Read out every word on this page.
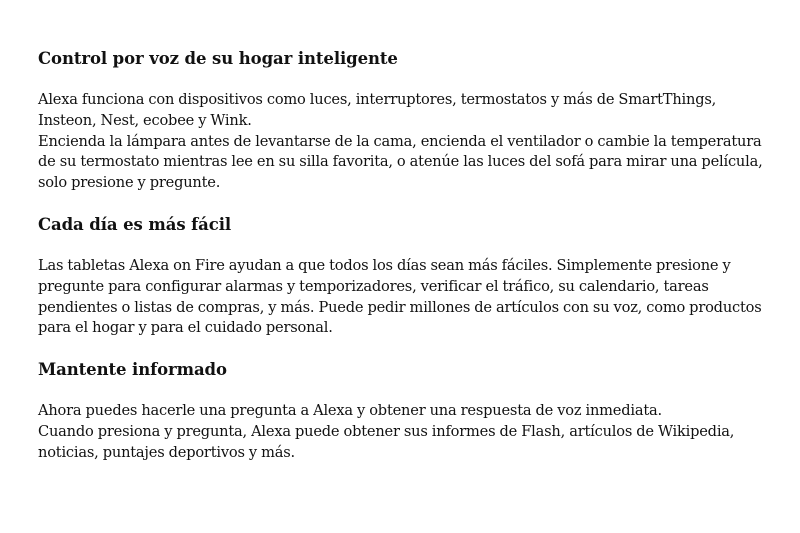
Control por voz de su hogar inteligente

Alexa funciona con dispositivos como luces, interruptores, termostatos y más de SmartThings, Insteon, Nest, ecobee y Wink.

Encienda la lámpara antes de levantarse de la cama, encienda el ventilador o cambie la temperatura de su termostato mientras lee en su silla favorita, o atenúe las luces del sofá para mirar una película, solo presione y pregunte.

Cada día es más fácil

Las tabletas Alexa on Fire ayudan a que todos los días sean más fáciles. Simplemente presione y pregunte para configurar alarmas y temporizadores, verificar el tráfico, su calendario, tareas pendientes o listas de compras, y más. Puede pedir millones de artículos con su voz, como productos para el hogar y para el cuidado personal.

Mantente informado

Ahora puedes hacerle una pregunta a Alexa y obtener una respuesta de voz inmediata.

Cuando presiona y pregunta, Alexa puede obtener sus informes de Flash, artículos de Wikipedia, noticias, puntajes deportivos y más.
